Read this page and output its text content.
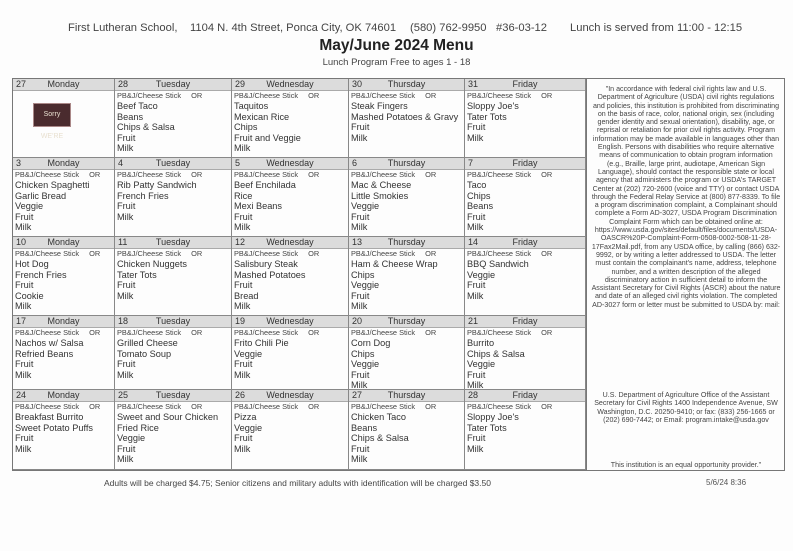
First Lutheran School, 1104 N. 4th Street, Ponca City, OK 74601 (580) 762-9950 #36-03-12 Lunch is served from 11:00 - 12:15
May/June 2024 Menu
Lunch Program Free to ages 1 - 18
Monday
27
Sorry WE'RE
Tuesday
28
PB&J/Cheese Stick OR
Beef Taco
Beans
Chips & Salsa
Fruit
Milk
Wednesday
29
PB&J/Cheese Stick OR
Taquitos
Mexican Rice
Chips
Fruit and Veggie
Milk
Thursday
30
PB&J/Cheese Stick OR
Steak Fingers
Mashed Potatoes & Gravy
Fruit
Milk
Friday
31
PB&J/Cheese Stick OR
Sloppy Joe's
Tater Tots
Fruit
Milk
Monday
3
PB&J/Cheese Stick OR
Chicken Spaghetti
Garlic Bread
Veggie
Fruit
Milk
Tuesday
4
PB&J/Cheese Stick OR
Rib Patty Sandwich
French Fries
Fruit
Milk
Wednesday
5
PB&J/Cheese Stick OR
Beef Enchilada
Rice
Mexi Beans
Fruit
Milk
Thursday
6
PB&J/Cheese Stick OR
Mac & Cheese
Little Smokies
Veggie
Fruit
Milk
Friday
7
PB&J/Cheese Stick OR
Taco
Chips
Beans
Fruit
Milk
Monday
10
PB&J/Cheese Stick OR
Hot Dog
French Fries
Fruit
Cookie
Milk
Tuesday
11
PB&J/Cheese Stick OR
Chicken Nuggets
Tater Tots
Fruit
Milk
Wednesday
12
PB&J/Cheese Stick OR
Salisbury Steak
Mashed Potatoes
Fruit
Bread
Milk
Thursday
13
PB&J/Cheese Stick OR
Ham & Cheese Wrap
Chips
Veggie
Fruit
Milk
Friday
14
PB&J/Cheese Stick OR
BBQ Sandwich
Veggie
Fruit
Milk
Monday
17
PB&J/Cheese Stick OR
Nachos w/ Salsa
Refried Beans
Fruit
Milk
Tuesday
18
PB&J/Cheese Stick OR
Grilled Cheese
Tomato Soup
Fruit
Milk
Wednesday
19
PB&J/Cheese Stick OR
Frito Chili Pie
Veggie
Fruit
Milk
Thursday
20
PB&J/Cheese Stick OR
Corn Dog
Chips
Veggie
Fruit
Milk
Friday
21
PB&J/Cheese Stick OR
Burrito
Chips & Salsa
Veggie
Fruit
Milk
Monday
24
PB&J/Cheese Stick OR
Breakfast Burrito
Sweet Potato Puffs
Fruit
Milk
Tuesday
25
PB&J/Cheese Stick OR
Sweet and Sour Chicken
Fried Rice
Veggie
Fruit
Milk
Wednesday
26
PB&J/Cheese Stick OR
Pizza
Veggie
Fruit
Milk
Thursday
27
PB&J/Cheese Stick OR
Chicken Taco
Beans
Chips & Salsa
Fruit
Milk
Friday
28
PB&J/Cheese Stick OR
Sloppy Joe's
Tater Tots
Fruit
Milk
"In accordance with federal civil rights law and U.S. Department of Agriculture (USDA) civil rights regulations and policies, this institution is prohibited from discriminating on the basis of race, color, national origin, sex (including gender identity and sexual orientation), disability, age, or reprisal or retaliation for prior civil rights activity. Program information may be made available in languages other than English. Persons with disabilities who require alternative means of communication to obtain program information (e.g., Braille, large print, audiotape, American Sign Language), should contact the responsible state or local agency that administers the program or USDA's TARGET Center at (202) 720-2600 (voice and TTY) or contact USDA through the Federal Relay Service at (800) 877-8339. To file a program discrimination complaint, a Complainant should complete a Form AD-3027, USDA Program Discrimination Complaint Form which can be obtained online at: https://www.usda.gov/sites/default/files/documents/USDA-OASCR%20P-Complaint-Form-0508-0002-508-11-28-17Fax2Mail.pdf, from any USDA office, by calling (866) 632-9992, or by writing a letter addressed to USDA. The letter must contain the complainant's name, address, telephone number, and a written description of the alleged discriminatory action in sufficient detail to inform the Assistant Secretary for Civil Rights (ASCR) about the nature and date of an alleged civil rights violation. The completed AD-3027 form or letter must be submitted to USDA by: mail:
U.S. Department of Agriculture Office of the Assistant Secretary for Civil Rights 1400 Independence Avenue, SW Washington, D.C. 20250-9410; or fax: (833) 256-1665 or (202) 690-7442; or Email: program.intake@usda.gov
This institution is an equal opportunity provider."
Adults will be charged $4.75; Senior citizens and military adults with identification will be charged $3.50	5/6/24 8:36
